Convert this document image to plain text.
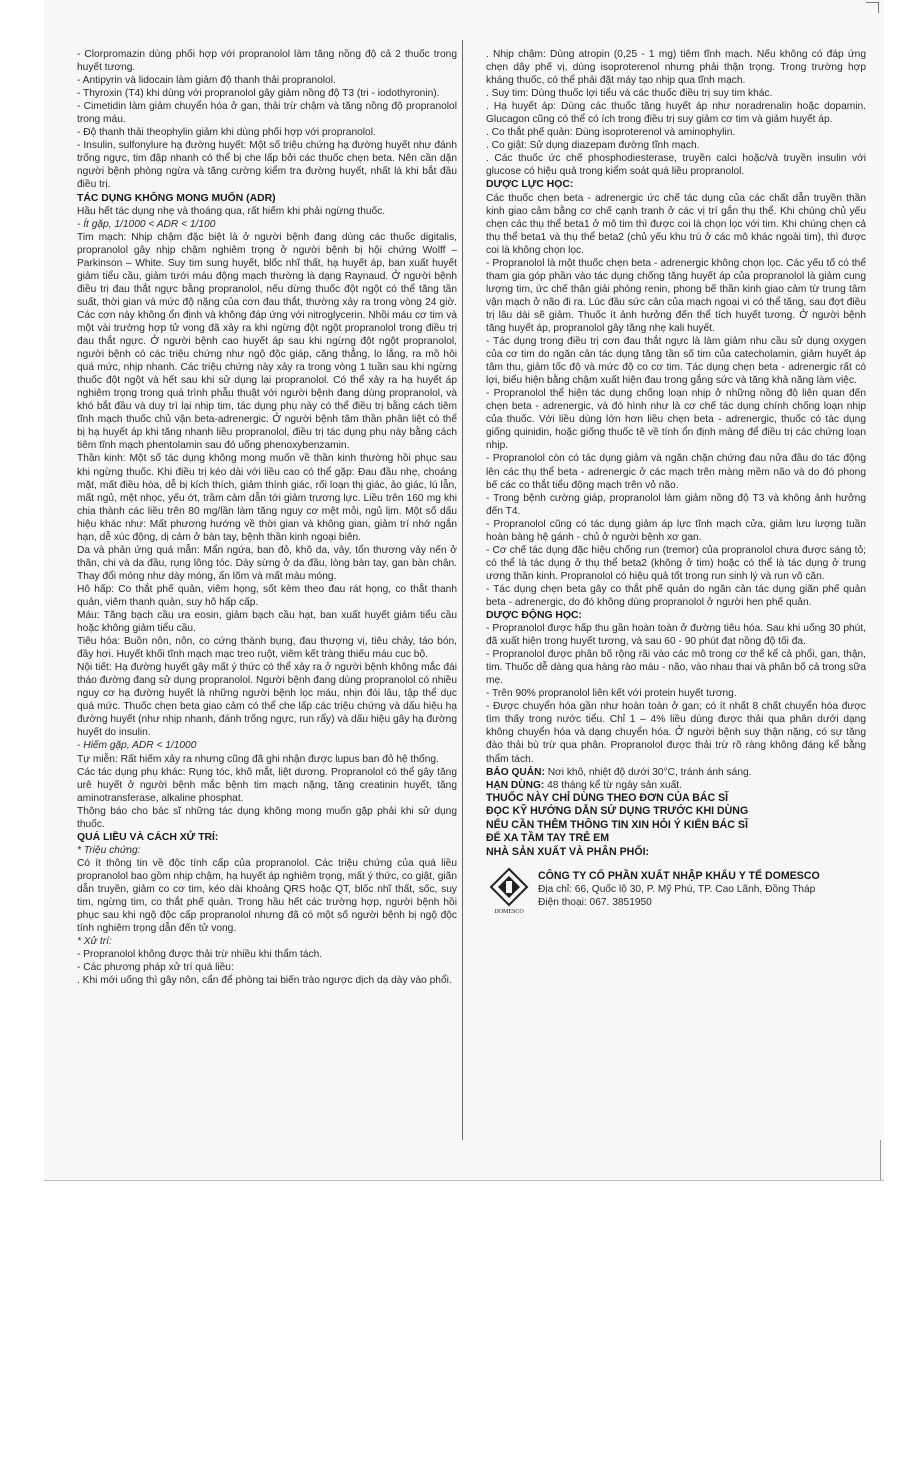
- Clorpromazin dùng phối hợp với propranolol làm tăng nồng độ cả 2 thuốc trong huyết tương.

- Antipyrin và lidocain làm giảm độ thanh thải propranolol.

- Thyroxin (T4) khi dùng với propranolol gây giảm nồng độ T3 (tri - iodothyronin).

- Cimetidin làm giảm chuyển hóa ở gan, thải trừ chậm và tăng nồng độ propranolol trong máu.

- Độ thanh thải theophylin giảm khi dùng phối hợp với propranolol.

- Insulin, sulfonylure hạ đường huyết: Một số triệu chứng hạ đường huyết như đánh trống ngực, tim đập nhanh có thể bị che lấp bởi các thuốc chẹn beta. Nên cần dặn người bệnh phòng ngừa và tăng cường kiểm tra đường huyết, nhất là khi bắt đầu điều trị.

TÁC DỤNG KHÔNG MONG MUỐN (ADR)

Hầu hết tác dụng nhẹ và thoáng qua, rất hiếm khi phải ngừng thuốc.

- Ít gặp, 1/1000 < ADR < 1/100

Tim mạch: Nhịp chậm đặc biệt là ở người bệnh đang dùng các thuốc digitalis, propranolol gây nhịp chậm nghiêm trọng ở người bệnh bị hội chứng Wolff – Parkinson – White. Suy tim sung huyết, blốc nhĩ thất, hạ huyết áp, ban xuất huyết giảm tiểu cầu, giảm tưới máu động mạch thường là dạng Raynaud. Ở người bệnh điều trị đau thắt ngực bằng propranolol, nếu dừng thuốc đột ngột có thể tăng tần suất, thời gian và mức độ nặng của cơn đau thắt, thường xảy ra trong vòng 24 giờ. Các cơn này không ổn định và không đáp ứng với nitroglycerin. Nhồi máu cơ tim và một vài trường hợp tử vong đã xảy ra khi ngừng đột ngột propranolol trong điều trị đau thắt ngực. Ở người bệnh cao huyết áp sau khi ngừng đột ngột propranolol, người bệnh có các triệu chứng như ngộ độc giáp, căng thẳng, lo lắng, ra mồ hôi quá mức, nhịp nhanh. Các triệu chứng này xảy ra trong vòng 1 tuần sau khi ngừng thuốc đột ngột và hết sau khi sử dụng lại propranolol. Có thể xảy ra hạ huyết áp nghiêm trọng trong quá trình phẫu thuật với người bệnh đang dùng propranolol, và khó bắt đầu và duy trì lại nhịp tim, tác dụng phụ này có thể điều trị bằng cách tiêm tĩnh mạch thuốc chủ vận beta-adrenergic. Ở người bệnh tâm thần phân liệt có thể bị hạ huyết áp khi tăng nhanh liều propranolol, điều trị tác dụng phụ này bằng cách tiêm tĩnh mạch phentolamin sau đó uống phenoxybenzamin.

Thần kinh: Một số tác dụng không mong muốn về thần kinh thường hồi phục sau khi ngừng thuốc. Khi điều trị kéo dài với liều cao có thể gặp: Đau đầu nhẹ, choáng mặt, mất điều hòa, dễ bị kích thích, giảm thính giác, rối loạn thị giác, ảo giác, lú lẫn, mất ngủ, mệt nhọc, yếu ớt, trầm cảm dẫn tới giảm trương lực. Liều trên 160 mg khi chia thành các liều trên 80 mg/lần làm tăng nguy cơ mệt mỏi, ngủ lịm. Một số dấu hiệu khác như: Mất phương hướng về thời gian và không gian, giảm trí nhớ ngắn hạn, dễ xúc động, dị cảm ở bàn tay, bệnh thần kinh ngoại biên.

Da và phản ứng quá mẫn: Mẩn ngứa, ban đỏ, khô da, vảy, tổn thương vảy nến ở thân, chi và da đầu, rụng lông tóc. Dày sừng ở da đầu, lòng bàn tay, gan bàn chân. Thay đổi móng như dày móng, ấn lõm và mất màu móng.

Hô hấp: Co thắt phế quản, viêm họng, sốt kèm theo đau rát họng, co thắt thanh quản, viêm thanh quản, suy hô hấp cấp.

Máu: Tăng bạch cầu ưa eosin, giảm bạch cầu hạt, ban xuất huyết giảm tiểu cầu hoặc không giảm tiểu cầu.

Tiêu hóa: Buồn nôn, nôn, co cứng thành bụng, đau thượng vị, tiêu chảy, táo bón, đầy hơi. Huyết khối tĩnh mạch mạc treo ruột, viêm kết tràng thiếu máu cục bộ.

Nội tiết: Hạ đường huyết gây mất ý thức có thể xảy ra ở người bệnh không mắc đái tháo đường đang sử dụng propranolol. Người bệnh đang dùng propranolol có nhiều nguy cơ hạ đường huyết là những người bệnh lọc máu, nhịn đói lâu, tập thể dục quá mức. Thuốc chẹn beta giao cảm có thể che lấp các triệu chứng và dấu hiệu hạ đường huyết (như nhịp nhanh, đánh trống ngực, run rẩy) và dấu hiệu gây hạ đường huyết do insulin.

- Hiếm gặp, ADR < 1/1000

Tự miễn: Rất hiếm xảy ra nhưng cũng đã ghi nhận được lupus ban đỏ hệ thống.

Các tác dụng phụ khác: Rụng tóc, khô mắt, liệt dương. Propranolol có thể gây tăng urê huyết ở người bệnh mắc bệnh tim mạch nặng, tăng creatinin huyết, tăng aminotransferase, alkaline phosphat.

Thông báo cho bác sĩ những tác dụng không mong muốn gặp phải khi sử dụng thuốc.

QUÁ LIỀU VÀ CÁCH XỬ TRÍ:

* Triệu chứng:

Có ít thông tin về độc tính cấp của propranolol. Các triệu chứng của quá liều propranolol bao gồm nhịp chậm, hạ huyết áp nghiêm trọng, mất ý thức, co giật, giãn dẫn truyền, giảm co cơ tim, kéo dài khoảng QRS hoặc QT, blốc nhĩ thất, sốc, suy tim, ngừng tim, co thắt phế quản. Trong hầu hết các trường hợp, người bệnh hồi phục sau khi ngộ độc cấp propranolol nhưng đã có một số người bệnh bị ngộ độc tính nghiêm trọng dẫn đến tử vong.

* Xử trí:

- Propranolol không được thải trừ nhiều khi thẩm tách.

- Các phương pháp xử trí quá liều:

. Khi mới uống thì gây nôn, cẩn để phòng tai biến trào ngược dịch dạ dày vào phổi.

. Nhịp chậm: Dùng atropin (0,25 - 1 mg) tiêm tĩnh mạch. Nếu không có đáp ứng chẹn dây phế vị, dùng isoproterenol nhưng phải thận trọng. Trong trường hợp kháng thuốc, có thể phải đặt máy tạo nhịp qua tĩnh mạch.

. Suy tim: Dùng thuốc lợi tiểu và các thuốc điều trị suy tim khác.

. Hạ huyết áp: Dùng các thuốc tăng huyết áp như noradrenalin hoặc dopamin. Glucagon cũng có thể có ích trong điều trị suy giảm cơ tim và giảm huyết áp.

. Co thắt phế quản: Dùng isoproterenol và aminophylin.

. Co giật: Sử dụng diazepam đường tĩnh mạch.

. Các thuốc ức chế phosphodiesterase, truyền calci hoặc/và truyền insulin với glucose có hiệu quả trong kiểm soát quá liều propranolol.

DƯỢC LỰC HỌC:

Các thuốc chẹn beta - adrenergic ức chế tác dụng của các chất dẫn truyền thần kinh giao cảm bằng cơ chế cạnh tranh ở các vị trí gắn thụ thể. Khi chúng chủ yếu chẹn các thụ thể beta1 ở mô tim thì được coi là chọn lọc với tim. Khi chúng chẹn cả thụ thể beta1 và thụ thể beta2 (chủ yếu khu trú ở các mô khác ngoài tim), thì được coi là không chọn lọc.

- Propranolol là một thuốc chẹn beta - adrenergic không chọn lọc. Các yếu tố có thể tham gia góp phần vào tác dụng chống tăng huyết áp của propranolol là giảm cung lượng tim, ức chế thận giải phóng renin, phong bế thần kinh giao cảm từ trung tâm vận mạch ở não đi ra. Lúc đầu sức cản của mạch ngoại vi có thể tăng, sau đợt điều trị lâu dài sẽ giảm. Thuốc ít ảnh hưởng đến thể tích huyết tương. Ở người bệnh tăng huyết áp, propranolol gây tăng nhẹ kali huyết.

- Tác dụng trong điều trị cơn đau thắt ngực là làm giảm nhu cầu sử dụng oxygen của cơ tim do ngăn cản tác dụng tăng tần số tim của catecholamin, giảm huyết áp tâm thu, giảm tốc độ và mức độ co cơ tim. Tác dụng chẹn beta - adrenergic rất có lợi, biểu hiện bằng chậm xuất hiện đau trong gắng sức và tăng khả năng làm việc.

- Propranolol thể hiện tác dụng chống loạn nhịp ở những nồng độ liên quan đến chẹn beta - adrenergic, và đó hình như là cơ chế tác dụng chính chống loạn nhịp của thuốc. Với liều dùng lớn hơn liều chẹn beta - adrenergic, thuốc có tác dụng giống quinidin, hoặc giống thuốc tê về tính ổn định màng để điều trị các chứng loạn nhịp.

- Propranolol còn có tác dụng giảm và ngăn chặn chứng đau nửa đầu do tác động lên các thụ thể beta - adrenergic ở các mạch trên màng mềm não và do đó phong bế các co thắt tiểu động mạch trên vỏ não.

- Trong bệnh cường giáp, propranolol làm giảm nồng độ T3 và không ảnh hưởng đến T4.

- Propranolol cũng có tác dụng giảm áp lực tĩnh mạch cửa, giảm lưu lượng tuần hoàn bàng hệ gánh - chủ ở người bệnh xơ gan.

- Cơ chế tác dụng đặc hiệu chống run (tremor) của propranolol chưa được sáng tỏ; có thể là tác dụng ở thụ thể beta2 (không ở tim) hoặc có thể là tác dụng ở trung ương thần kinh. Propranolol có hiệu quả tốt trong run sinh lý và run vô căn.

- Tác dụng chẹn beta gây co thắt phế quản do ngăn cản tác dụng giãn phế quản beta - adrenergic, do đó không dùng propranolol ở người hen phế quản.

DƯỢC ĐỘNG HỌC:

- Propranolol được hấp thu gần hoàn toàn ở đường tiêu hóa. Sau khi uống 30 phút, đã xuất hiện trong huyết tương, và sau 60 - 90 phút đạt nồng độ tối đa.

- Propranolol được phân bố rộng rãi vào các mô trong cơ thể kể cả phổi, gan, thận, tim. Thuốc dễ dàng qua hàng rào máu - não, vào nhau thai và phân bố cả trong sữa mẹ.

- Trên 90% propranolol liên kết với protein huyết tương.

- Được chuyển hóa gần như hoàn toàn ở gan; có ít nhất 8 chất chuyển hóa được tìm thấy trong nước tiểu. Chỉ 1 – 4% liều dùng được thải qua phân dưới dạng không chuyển hóa và dạng chuyển hóa. Ở người bệnh suy thận nặng, có sự tăng đào thải bù trừ qua phân. Propranolol được thải trừ rõ ràng không đáng kể bằng thẩm tách.

BẢO QUẢN: Nơi khô, nhiệt độ dưới 30°C, tránh ánh sáng.

HẠN DÙNG: 48 tháng kể từ ngày sản xuất.

THUỐC NÀY CHỈ DÙNG THEO ĐƠN CỦA BÁC SĨ

ĐỌC KỸ HƯỚNG DẪN SỬ DỤNG TRƯỚC KHI DÙNG

NẾU CẦN THÊM THÔNG TIN XIN HỎI Ý KIẾN BÁC SĨ

ĐỂ XA TẦM TAY TRẺ EM

NHÀ SẢN XUẤT VÀ PHÂN PHỐI:

DOMESCO
CÔNG TY CỔ PHẦN XUẤT NHẬP KHẨU Y TẾ DOMESCO
Địa chỉ: 66, Quốc lộ 30, P. Mỹ Phú, TP. Cao Lãnh, Đồng Tháp
Điện thoại: 067. 3851950
